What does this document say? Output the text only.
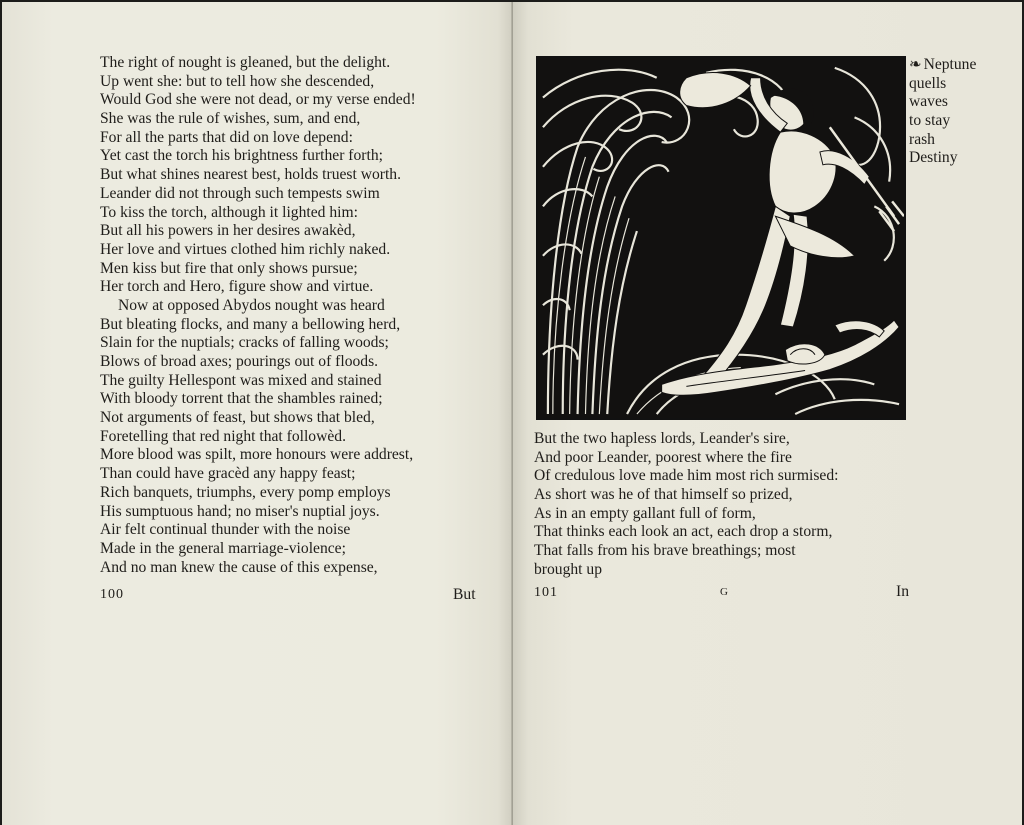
The right of nought is gleaned, but the delight.
Up went she: but to tell how she descended,
Would God she were not dead, or my verse ended!
She was the rule of wishes, sum, and end,
For all the parts that did on love depend:
Yet cast the torch his brightness further forth;
But what shines nearest best, holds truest worth.
Leander did not through such tempests swim
To kiss the torch, although it lighted him:
But all his powers in her desires awakèd,
Her love and virtues clothed him richly naked.
Men kiss but fire that only shows pursue;
Her torch and Hero, figure show and virtue.
Now at opposed Abydos nought was heard
But bleating flocks, and many a bellowing herd,
Slain for the nuptials; cracks of falling woods;
Blows of broad axes; pourings out of floods.
The guilty Hellespont was mixed and stained
With bloody torrent that the shambles rained;
Not arguments of feast, but shows that bled,
Foretelling that red night that followèd.
More blood was spilt, more honours were addrest,
Than could have gracèd any happy feast;
Rich banquets, triumphs, every pomp employs
His sumptuous hand; no miser's nuptial joys.
Air felt continual thunder with the noise
Made in the general marriage-violence;
And no man knew the cause of this expense,
100	But
❧ Neptune
quells
waves
to stay
rash
Destiny
But the two hapless lords, Leander's sire,
And poor Leander, poorest where the fire
Of credulous love made him most rich surmised:
As short was he of that himself so prized,
As in an empty gallant full of form,
That thinks each look an act, each drop a storm,
That falls from his brave breathings; most
brought up
101	G	In
